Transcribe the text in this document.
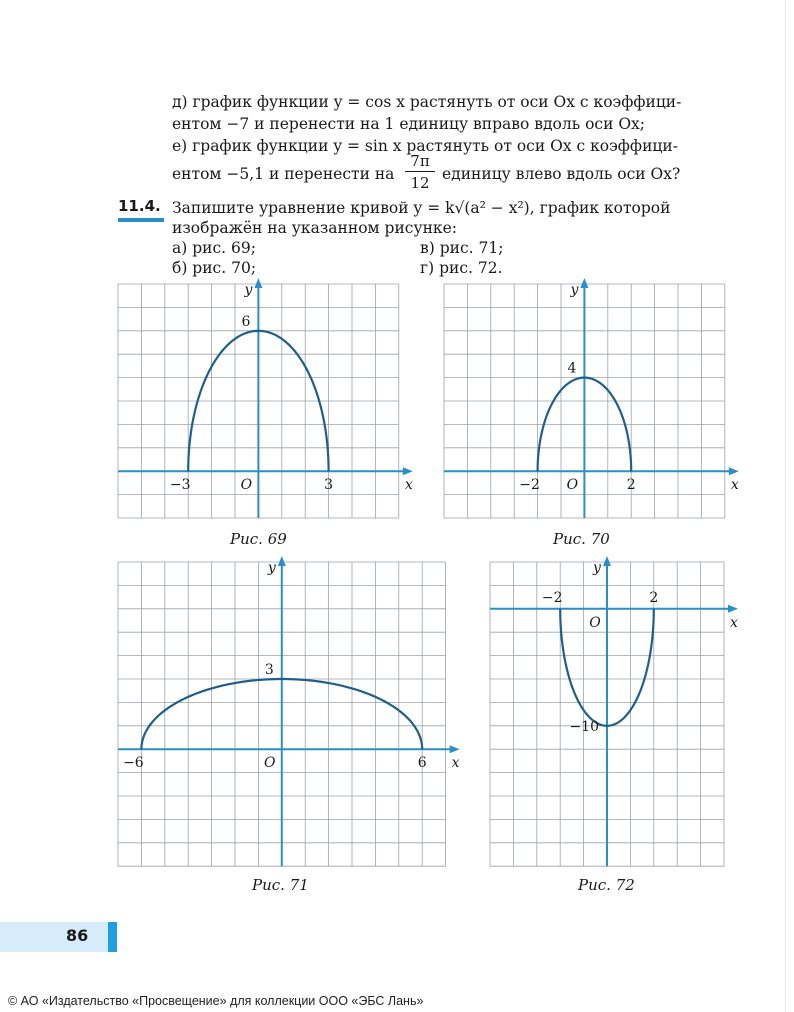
д) график функции y = cos x растянуть от оси Ox с коэффици-
ентом −7 и перенести на 1 единицу вправо вдоль оси Ox;
е) график функции y = sin x растянуть от оси Ox с коэффици-
ентом −5,1 и перенести на
7π
12 единицу влево вдоль оси Ox?
11.4. Запишите уравнение кривой y = k√(a² − x²), график которой
изображён на указанном рисунке:
а) рис. 69;	в) рис. 71;
б) рис. 70;	г) рис. 72.
−3	O	3	x
y
6
−2 O	2	x
y
4
−6	O	6 x
y
3
−2
O
2
x
y
−10
Рис. 69	Рис. 70
Рис. 71	Рис. 72
86
© АО «Издательство «Просвещение» для коллекции ООО «ЭБС Лань»
